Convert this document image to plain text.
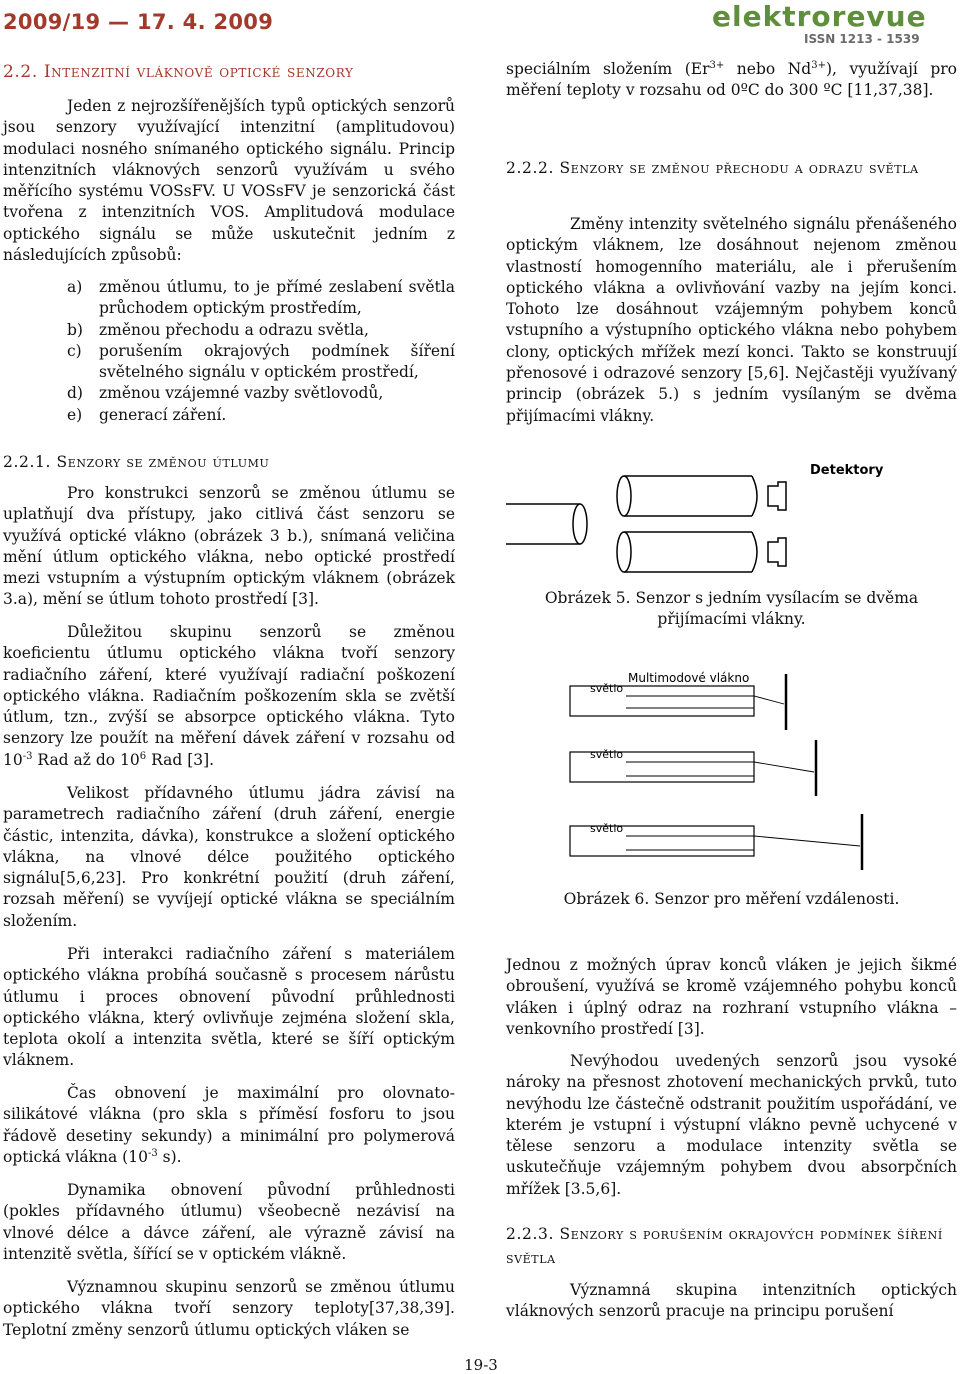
2009/19 — 17. 4. 2009	elektrorevue

ISSN 1213 - 1539

2.2. Intenzitní vláknově optické senzory

Jeden z nejrozšířenějších typů optických senzorů jsou senzory využívající intenzitní (amplitudovou) modulaci nosného snímaného optického signálu. Princip intenzitních vláknových senzorů využívám u svého měřícího systému VOSsFV. U VOSsFV je senzorická část tvořena z intenzitních VOS. Amplitudová modulace optického signálu se může uskutečnit jedním z následujících způsobů:

a) změnou útlumu, to je přímé zeslabení světla průchodem optickým prostředím,
b) změnou přechodu a odrazu světla,
c) porušením okrajových podmínek šíření světelného signálu v optickém prostředí,
d) změnou vzájemné vazby světlovodů,
e) generací záření.
2.2.1. Senzory se změnou útlumu

Pro konstrukci senzorů se změnou útlumu se uplatňují dva přístupy, jako citlivá část senzoru se využívá optické vlákno (obrázek 3 b.), snímaná veličina mění útlum optického vlákna, nebo optické prostředí mezi vstupním a výstupním optickým vláknem (obrázek 3.a), mění se útlum tohoto prostředí [3].

Důležitou skupinu senzorů se změnou koeficientu útlumu optického vlákna tvoří senzory radiačního záření, které využívají radiační poškození optického vlákna. Radiačním poškozením skla se zvětší útlum, tzn., zvýší se absorpce optického vlákna. Tyto senzory lze použít na měření dávek záření v rozsahu od $10^{-3}$ Rad až do $10^6$ Rad [3].

Velikost přídavného útlumu jádra závisí na parametrech radiačního záření (druh záření, energie částic, intenzita, dávka), konstrukce a složení optického vlákna, na vlnové délce použitého optického signálu[5,6,23]. Pro konkrétní použití (druh záření, rozsah měření) se vyvíjejí optické vlákna se speciálním složením.

Při interakci radiačního záření s materiálem optického vlákna probíhá současně s procesem nárůstu útlumu i proces obnovení původní průhlednosti optického vlákna, který ovlivňuje zejména složení skla, teplota okolí a intenzita světla, které se šíří optickým vláknem.

Čas obnovení je maximální pro olovnato-silikátové vlákna (pro skla s příměsí fosforu to jsou řádově desetiny sekundy) a minimální pro polymerová optická vlákna ($10^{-3}$ s).

Dynamika obnovení původní průhlednosti (pokles přídavného útlumu) všeobecně nezávisí na vlnové délce a dávce záření, ale výrazně závisí na intenzitě světla, šířící se v optickém vlákně.

Významnou skupinu senzorů se změnou útlumu optického vlákna tvoří senzory teploty[37,38,39]. Teplotní změny senzorů útlumu optických vláken se

speciálním složením ($Er^{3+}$ nebo $Nd^{3+}$), využívají pro měření teploty v rozsahu od 0ºC do 300 ºC [11,37,38].

2.2.2. Senzory se změnou přechodu a odrazu světla

Změny intenzity světelného signálu přenášeného optickým vláknem, lze dosáhnout nejenom změnou vlastností homogenního materiálu, ale i přerušením optického vlákna a ovlivňování vazby na jejím konci. Tohoto lze dosáhnout vzájemným pohybem konců vstupního a výstupního optického vlákna nebo pohybem clony, optických mřížek mezí konci. Takto se konstruují přenosové i odrazové senzory [5,6]. Nejčastěji využívaný princip (obrázek 5.) s jedním vysílaným se dvěma přijímacími vlákny.

Detektory

Obrázek 5. Senzor s jedním vysílacím se dvěma přijímacími vlákny.

Multimodové vlákno
světlo
světlo
světlo

Obrázek 6. Senzor pro měření vzdálenosti.

Jednou z možných úprav konců vláken je jejich šikmé obroušení, využívá se kromě vzájemného pohybu konců vláken i úplný odraz na rozhraní vstupního vlákna – venkovního prostředí [3].

Nevýhodou uvedených senzorů jsou vysoké nároky na přesnost zhotovení mechanických prvků, tuto nevýhodu lze částečně odstranit použitím uspořádání, ve kterém je vstupní i výstupní vlákno pevně uchycené v tělese senzoru a modulace intenzity světla se uskutečňuje vzájemným pohybem dvou absorpčních mřížek [3.5,6].

2.2.3. Senzory s porušením okrajových podmínek šíření světla

Významná skupina intenzitních optických vláknových senzorů pracuje na principu porušení

19-3
